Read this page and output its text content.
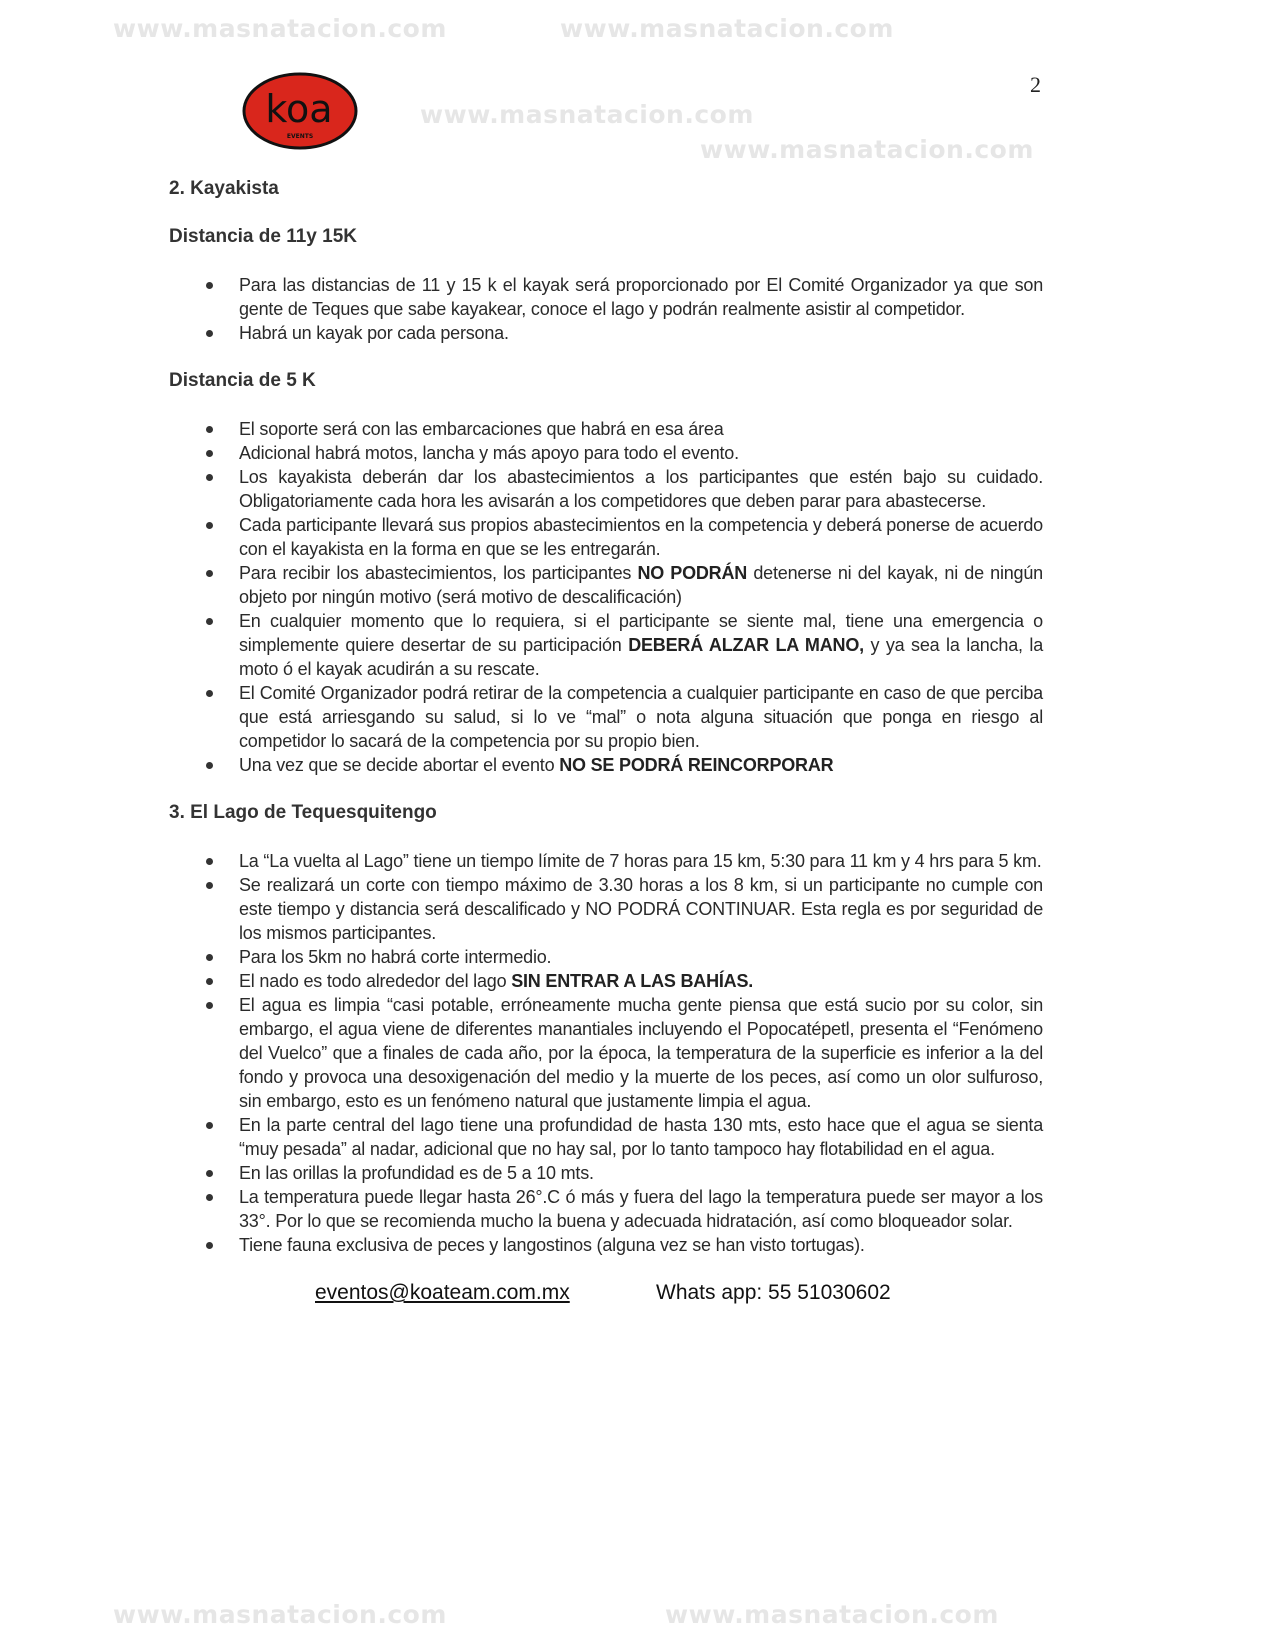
www.masnatacion.com	www.masnatacion.com
www.masnatacion.com
www.masnatacion.com
www.masnatacion.com	www.masnatacion.com
2
koa
EVENTS
2. Kayakista
Distancia de 11y 15K
Para las distancias de 11 y 15 k el kayak será proporcionado por El Comité Organizador ya que son gente de Teques que sabe kayakear, conoce el lago y podrán realmente asistir al competidor.
Habrá un kayak por cada persona.
Distancia de 5 K
El soporte será con las embarcaciones que habrá en esa área
Adicional habrá motos, lancha y más apoyo para todo el evento.
Los kayakista deberán dar los abastecimientos a los participantes que estén bajo su cuidado. Obligatoriamente cada hora les avisarán a los competidores que deben parar para abastecerse.
Cada participante llevará sus propios abastecimientos en la competencia y deberá ponerse de acuerdo con el kayakista en la forma en que se les entregarán.
Para recibir los abastecimientos, los participantes NO PODRÁN detenerse ni del kayak, ni de ningún objeto por ningún motivo (será motivo de descalificación)
En cualquier momento que lo requiera, si el participante se siente mal, tiene una emergencia o simplemente quiere desertar de su participación DEBERÁ ALZAR LA MANO, y ya sea la lancha, la moto ó el kayak acudirán a su rescate.
El Comité Organizador podrá retirar de la competencia a cualquier participante en caso de que perciba que está arriesgando su salud, si lo ve “mal” o nota alguna situación que ponga en riesgo al competidor lo sacará de la competencia por su propio bien.
Una vez que se decide abortar el evento NO SE PODRÁ REINCORPORAR
3. El Lago de Tequesquitengo
La “La vuelta al Lago” tiene un tiempo límite de 7 horas para 15 km, 5:30 para 11 km y 4 hrs para 5 km.
Se realizará un corte con tiempo máximo de 3.30 horas a los 8 km, si un participante no cumple con este tiempo y distancia será descalificado y NO PODRÁ CONTINUAR. Esta regla es por seguridad de los mismos participantes.
Para los 5km no habrá corte intermedio.
El nado es todo alrededor del lago SIN ENTRAR A LAS BAHÍAS.
El agua es limpia “casi potable, erróneamente mucha gente piensa que está sucio por su color, sin embargo, el agua viene de diferentes manantiales incluyendo el Popocatépetl, presenta el “Fenómeno del Vuelco” que a finales de cada año, por la época, la temperatura de la superficie es inferior a la del fondo y provoca una desoxigenación del medio y la muerte de los peces, así como un olor sulfuroso, sin embargo, esto es un fenómeno natural que justamente limpia el agua.
En la parte central del lago tiene una profundidad de hasta 130 mts, esto hace que el agua se sienta “muy pesada” al nadar, adicional que no hay sal, por lo tanto tampoco hay flotabilidad en el agua.
En las orillas la profundidad es de 5 a 10 mts.
La temperatura puede llegar hasta 26°.C ó más y fuera del lago la temperatura puede ser mayor a los 33°. Por lo que se recomienda mucho la buena y adecuada hidratación, así como bloqueador solar.
Tiene fauna exclusiva de peces y langostinos (alguna vez se han visto tortugas).
eventos@koateam.com.mx	Whats app: 55 51030602
